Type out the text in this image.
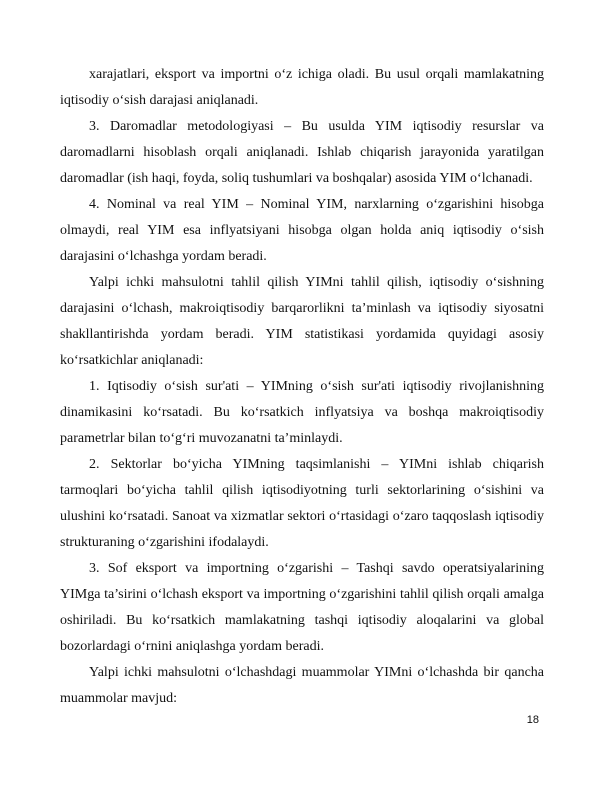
xarajatlari, eksport va importni o‘z ichiga oladi. Bu usul orqali mamlakatning iqtisodiy o‘sish darajasi aniqlanadi.

3. Daromadlar metodologiyasi – Bu usulda YIM iqtisodiy resurslar va daromadlarni hisoblash orqali aniqlanadi. Ishlab chiqarish jarayonida yaratilgan daromadlar (ish haqi, foyda, soliq tushumlari va boshqalar) asosida YIM o‘lchanadi.

4. Nominal va real YIM – Nominal YIM, narxlarning o‘zgarishini hisobga olmaydi, real YIM esa inflyatsiyani hisobga olgan holda aniq iqtisodiy o‘sish darajasini o‘lchashga yordam beradi.

Yalpi ichki mahsulotni tahlil qilish YIMni tahlil qilish, iqtisodiy o‘sishning darajasini o‘lchash, makroiqtisodiy barqarorlikni ta’minlash va iqtisodiy siyosatni shakllantirishda yordam beradi. YIM statistikasi yordamida quyidagi asosiy ko‘rsatkichlar aniqlanadi:

1. Iqtisodiy o‘sish sur'ati – YIMning o‘sish sur'ati iqtisodiy rivojlanishning dinamikasini ko‘rsatadi. Bu ko‘rsatkich inflyatsiya va boshqa makroiqtisodiy parametrlar bilan to‘g‘ri muvozanatni ta’minlaydi.

2. Sektorlar bo‘yicha YIMning taqsimlanishi – YIMni ishlab chiqarish tarmoqlari bo‘yicha tahlil qilish iqtisodiyotning turli sektorlarining o‘sishini va ulushini ko‘rsatadi. Sanoat va xizmatlar sektori o‘rtasidagi o‘zaro taqqoslash iqtisodiy strukturaning o‘zgarishini ifodalaydi.

3. Sof eksport va importning o‘zgarishi – Tashqi savdo operatsiyalarining YIMga ta’sirini o‘lchash eksport va importning o‘zgarishini tahlil qilish orqali amalga oshiriladi. Bu ko‘rsatkich mamlakatning tashqi iqtisodiy aloqalarini va global bozorlardagi o‘rnini aniqlashga yordam beradi.

Yalpi ichki mahsulotni o‘lchashdagi muammolar YIMni o‘lchashda bir qancha muammolar mavjud:

18
